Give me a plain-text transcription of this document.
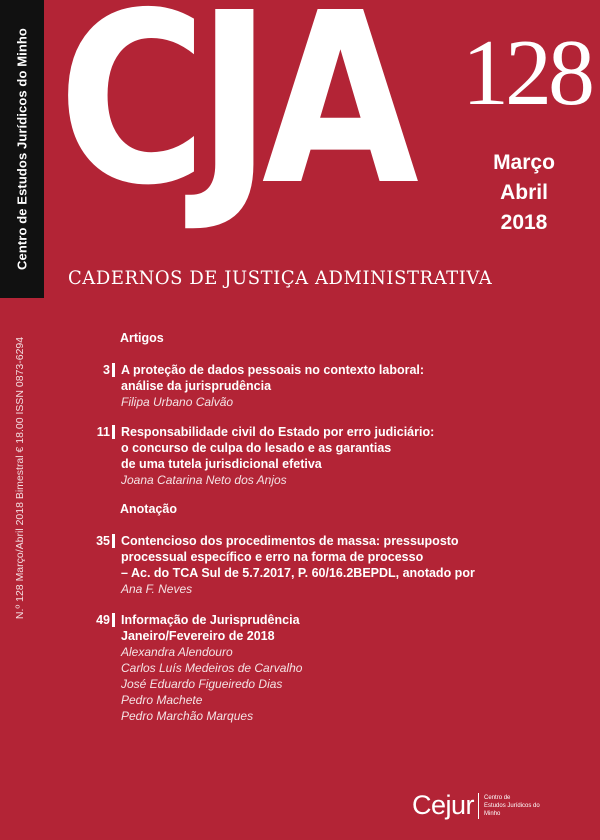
Centro de Estudos Jurídicos do Minho
N.º 128 Março/Abril 2018 Bimestral € 18.00 ISSN 0873-6294
CJA 128
Março
Abril
2018
CADERNOS DE JUSTIÇA ADMINISTRATIVA
Artigos
3 A proteção de dados pessoais no contexto laboral:
análise da jurisprudência
Filipa Urbano Calvão
11 Responsabilidade civil do Estado por erro judiciário:
o concurso de culpa do lesado e as garantias
de uma tutela jurisdicional efetiva
Joana Catarina Neto dos Anjos
Anotação
35 Contencioso dos procedimentos de massa: pressuposto
processual específico e erro na forma de processo
– Ac. do TCA Sul de 5.7.2017, P. 60/16.2BEPDL, anotado por
Ana F. Neves
49 Informação de Jurisprudência
Janeiro/Fevereiro de 2018
Alexandra Alendouro
Carlos Luís Medeiros de Carvalho
José Eduardo Figueiredo Dias
Pedro Machete
Pedro Marchão Marques
Cejur Centro de
Estudos Jurídicos do Minho
